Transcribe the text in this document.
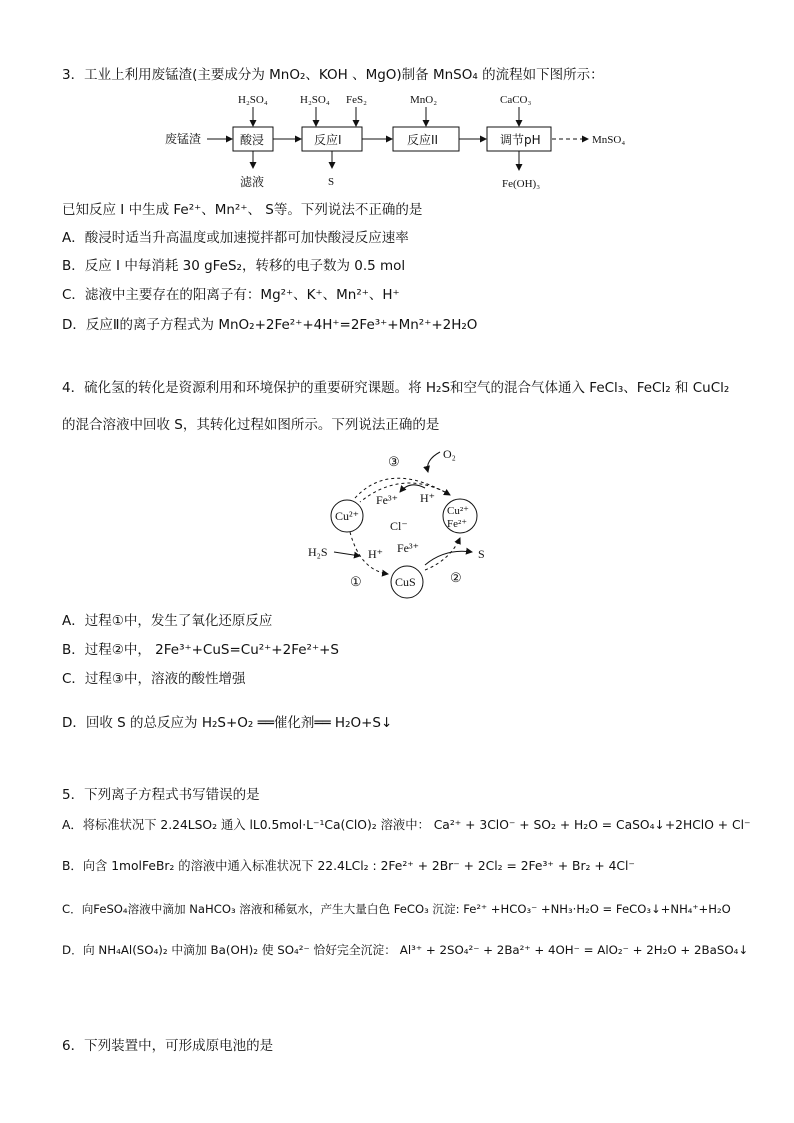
3．工业上利用废锰渣(主要成分为 MnO₂、KOH 、MgO)制备 MnSO₄ 的流程如下图所示：
废锰渣	酸浸
H₂SO₄
滤液
反应I
H₂SO₄ FeS₂
S
反应II
MnO₂
调节pH
CaCO₃
Fe(OH)₃
MnSO₄
已知反应 I 中生成 Fe²⁺、Mn²⁺、 S等。下列说法不正确的是
A．酸浸时适当升高温度或加速搅拌都可加快酸浸反应速率
B．反应 I 中每消耗 30 gFeS₂，转移的电子数为 0.5 mol
C．滤液中主要存在的阳离子有：Mg²⁺、K⁺、Mn²⁺、H⁺
D．反应Ⅱ的离子方程式为 MnO₂+2Fe²⁺+4H⁺=2Fe³⁺+Mn²⁺+2H₂O
4．硫化氢的转化是资源利用和环境保护的重要研究课题。将 H₂S和空气的混合气体通入 FeCl₃、FeCl₂ 和 CuCl₂
的混合溶液中回收 S，其转化过程如图所示。下列说法正确的是
Cu²⁺	Cu²⁺
Fe²⁺
CuS
O₂
③
Fe³⁺ H⁺
Cl⁻
H₂S	H⁺ Fe³⁺	S
①	②
A．过程①中，发生了氧化还原反应
B．过程②中， 2Fe³⁺+CuS=Cu²⁺+2Fe²⁺+S
C．过程③中，溶液的酸性增强
D．回收 S 的总反应为 H₂S+O₂ ══催化剂══ H₂O+S↓
5．下列离子方程式书写错误的是
A．将标准状况下 2.24LSO₂ 通入 lL0.5mol·L⁻¹Ca(ClO)₂ 溶液中： Ca²⁺ + 3ClO⁻ + SO₂ + H₂O = CaSO₄↓+2HClO + Cl⁻
B．向含 1molFeBr₂ 的溶液中通入标准状况下 22.4LCl₂ : 2Fe²⁺ + 2Br⁻ + 2Cl₂ = 2Fe³⁺ + Br₂ + 4Cl⁻
C．向FeSO₄溶液中滴加 NaHCO₃ 溶液和稀氨水，产生大量白色 FeCO₃ 沉淀: Fe²⁺ +HCO₃⁻ +NH₃·H₂O = FeCO₃↓+NH₄⁺+H₂O
D．向 NH₄Al(SO₄)₂ 中滴加 Ba(OH)₂ 使 SO₄²⁻ 恰好完全沉淀： Al³⁺ + 2SO₄²⁻ + 2Ba²⁺ + 4OH⁻ = AlO₂⁻ + 2H₂O + 2BaSO₄↓
6．下列装置中，可形成原电池的是
